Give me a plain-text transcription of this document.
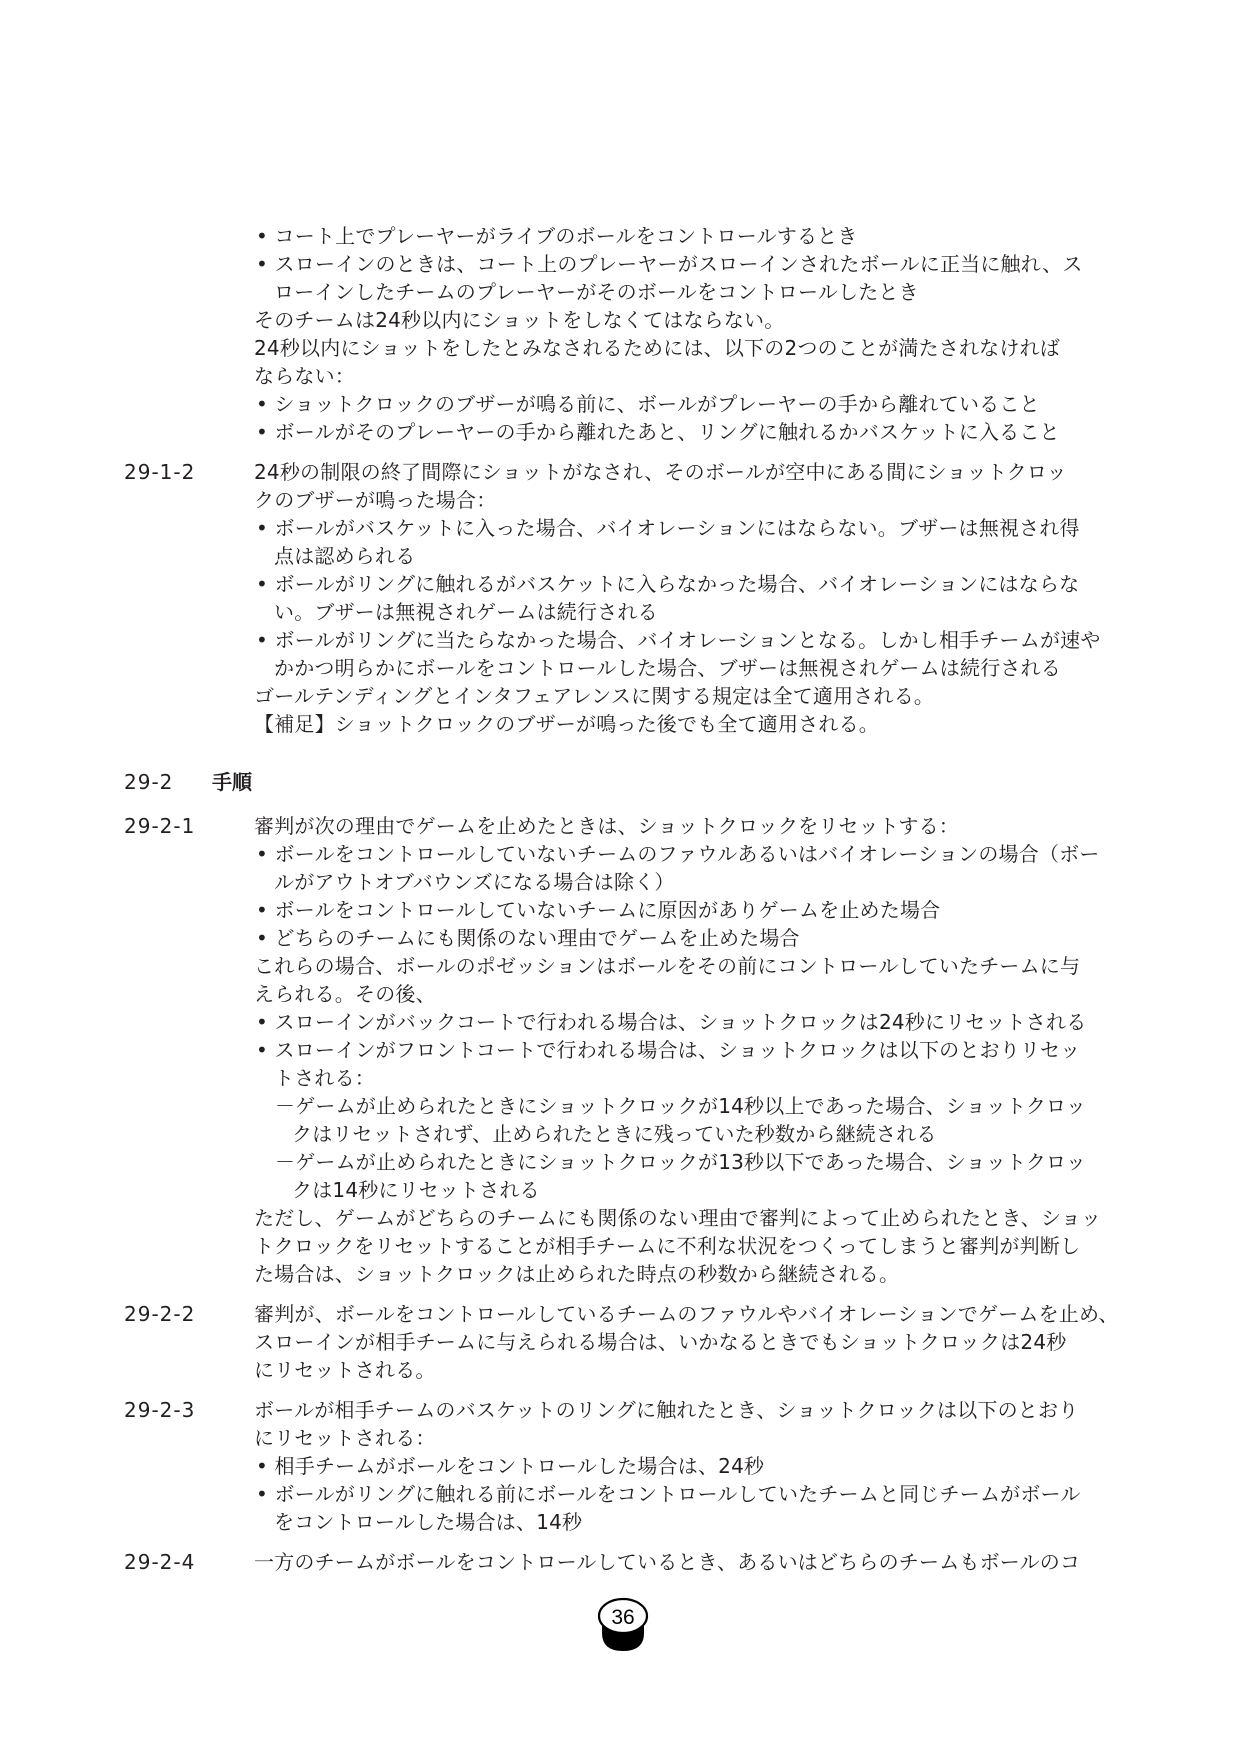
• コート上でプレーヤーがライブのボールをコントロールするとき
• スローインのときは、コート上のプレーヤーがスローインされたボールに正当に触れ、ス
ローインしたチームのプレーヤーがそのボールをコントロールしたとき
そのチームは24秒以内にショットをしなくてはならない。
24秒以内にショットをしたとみなされるためには、以下の2つのことが満たされなければ
ならない：
• ショットクロックのブザーが鳴る前に、ボールがプレーヤーの手から離れていること
• ボールがそのプレーヤーの手から離れたあと、リングに触れるかバスケットに入ること
29-1-2	24秒の制限の終了間際にショットがなされ、そのボールが空中にある間にショットクロッ
クのブザーが鳴った場合：
• ボールがバスケットに入った場合、バイオレーションにはならない。ブザーは無視され得
点は認められる
• ボールがリングに触れるがバスケットに入らなかった場合、バイオレーションにはならな
い。ブザーは無視されゲームは続行される
• ボールがリングに当たらなかった場合、バイオレーションとなる。しかし相手チームが速や
かかつ明らかにボールをコントロールした場合、ブザーは無視されゲームは続行される
ゴールテンディングとインタフェアレンスに関する規定は全て適用される。
【補足】ショットクロックのブザーが鳴った後でも全て適用される。
29-2 手順
29-2-1	審判が次の理由でゲームを止めたときは、ショットクロックをリセットする：
• ボールをコントロールしていないチームのファウルあるいはバイオレーションの場合（ボー
ルがアウトオブバウンズになる場合は除く）
• ボールをコントロールしていないチームに原因がありゲームを止めた場合
• どちらのチームにも関係のない理由でゲームを止めた場合
これらの場合、ボールのポゼッションはボールをその前にコントロールしていたチームに与
えられる。その後、
• スローインがバックコートで行われる場合は、ショットクロックは24秒にリセットされる
• スローインがフロントコートで行われる場合は、ショットクロックは以下のとおりリセッ
トされる：
－ゲームが止められたときにショットクロックが14秒以上であった場合、ショットクロッ
クはリセットされず、止められたときに残っていた秒数から継続される
－ゲームが止められたときにショットクロックが13秒以下であった場合、ショットクロッ
クは14秒にリセットされる
ただし、ゲームがどちらのチームにも関係のない理由で審判によって止められたとき、ショッ
トクロックをリセットすることが相手チームに不利な状況をつくってしまうと審判が判断し
た場合は、ショットクロックは止められた時点の秒数から継続される。
29-2-2	審判が、ボールをコントロールしているチームのファウルやバイオレーションでゲームを止め、
スローインが相手チームに与えられる場合は、いかなるときでもショットクロックは24秒
にリセットされる。
29-2-3	ボールが相手チームのバスケットのリングに触れたとき、ショットクロックは以下のとおり
にリセットされる：
• 相手チームがボールをコントロールした場合は、24秒
• ボールがリングに触れる前にボールをコントロールしていたチームと同じチームがボール
をコントロールした場合は、14秒
29-2-4	一方のチームがボールをコントロールしているとき、あるいはどちらのチームもボールのコ
36
